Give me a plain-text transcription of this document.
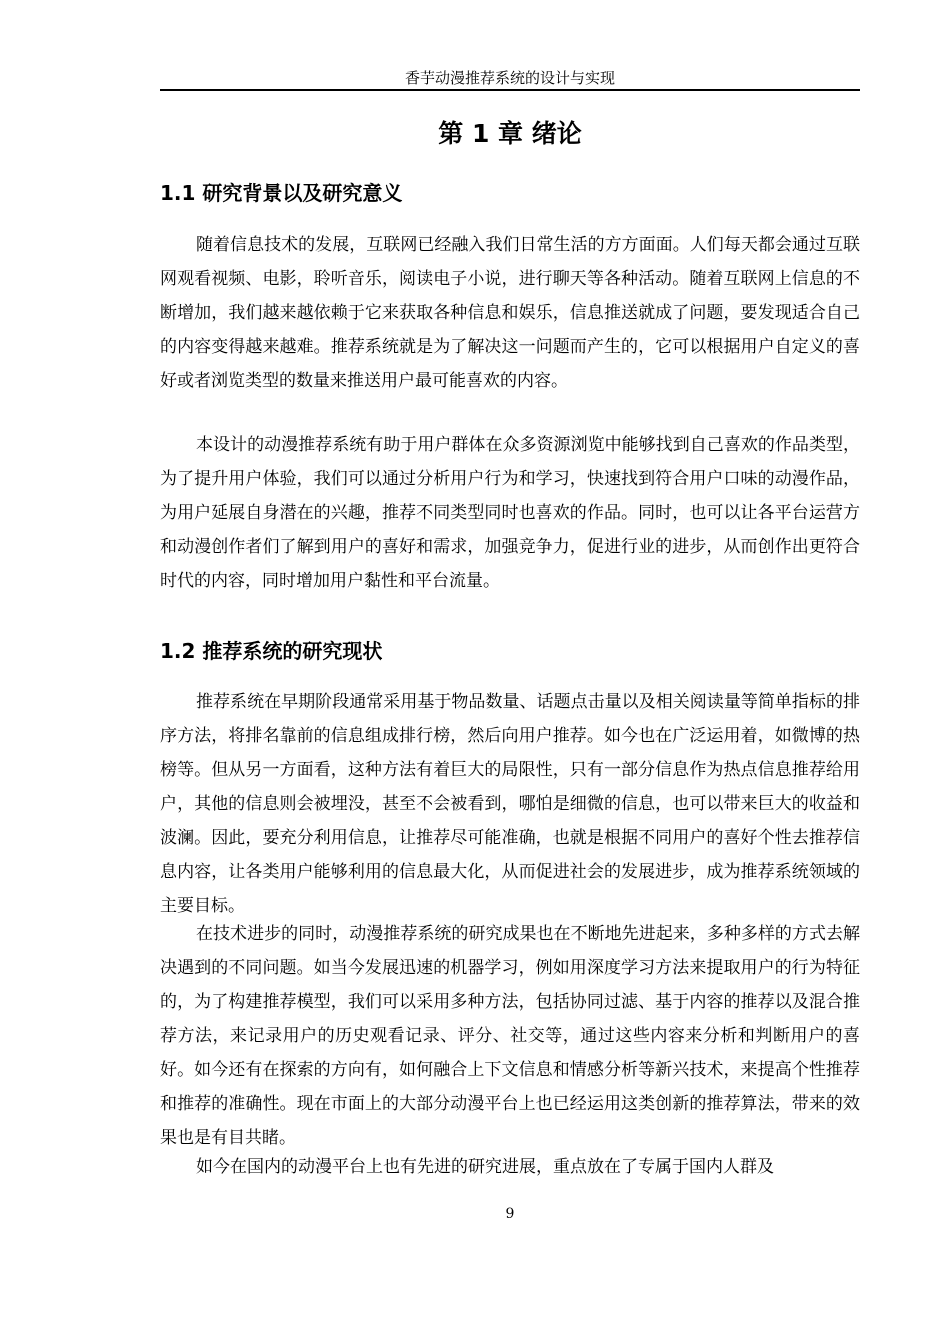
香芋动漫推荐系统的设计与实现
第 1 章 绪论
1.1 研究背景以及研究意义

随着信息技术的发展，互联网已经融入我们日常生活的方方面面。人们每天都会通过互联网观看视频、电影，聆听音乐，阅读电子小说，进行聊天等各种活动。随着互联网上信息的不断增加，我们越来越依赖于它来获取各种信息和娱乐，信息推送就成了问题，要发现适合自己的内容变得越来越难。推荐系统就是为了解决这一问题而产生的，它可以根据用户自定义的喜好或者浏览类型的数量来推送用户最可能喜欢的内容。

本设计的动漫推荐系统有助于用户群体在众多资源浏览中能够找到自己喜欢的作品类型，为了提升用户体验，我们可以通过分析用户行为和学习，快速找到符合用户口味的动漫作品，为用户延展自身潜在的兴趣，推荐不同类型同时也喜欢的作品。同时，也可以让各平台运营方和动漫创作者们了解到用户的喜好和需求，加强竞争力，促进行业的进步，从而创作出更符合时代的内容，同时增加用户黏性和平台流量。

1.2 推荐系统的研究现状

推荐系统在早期阶段通常采用基于物品数量、话题点击量以及相关阅读量等简单指标的排序方法，将排名靠前的信息组成排行榜，然后向用户推荐。如今也在广泛运用着，如微博的热榜等。但从另一方面看，这种方法有着巨大的局限性，只有一部分信息作为热点信息推荐给用户，其他的信息则会被埋没，甚至不会被看到，哪怕是细微的信息，也可以带来巨大的收益和波澜。因此，要充分利用信息，让推荐尽可能准确，也就是根据不同用户的喜好个性去推荐信息内容，让各类用户能够利用的信息最大化，从而促进社会的发展进步，成为推荐系统领域的主要目标。

在技术进步的同时，动漫推荐系统的研究成果也在不断地先进起来，多种多样的方式去解决遇到的不同问题。如当今发展迅速的机器学习，例如用深度学习方法来提取用户的行为特征的，为了构建推荐模型，我们可以采用多种方法，包括协同过滤、基于内容的推荐以及混合推荐方法，来记录用户的历史观看记录、评分、社交等，通过这些内容来分析和判断用户的喜好。如今还有在探索的方向有，如何融合上下文信息和情感分析等新兴技术，来提高个性推荐和推荐的准确性。现在市面上的大部分动漫平台上也已经运用这类创新的推荐算法，带来的效果也是有目共睹。

如今在国内的动漫平台上也有先进的研究进展，重点放在了专属于国内人群及

9
